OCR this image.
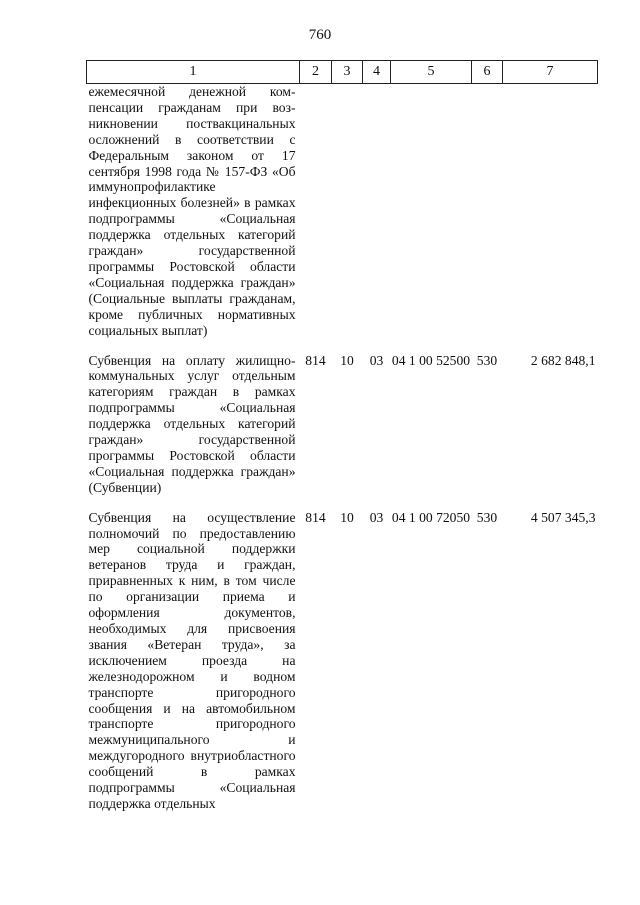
760
1	2	3	4	5	6	7
ежемесячной денежной компенсации гражданам при возникновении поствакцинальных осложнений в соответствии с Федеральным законом от 17 сентября 1998 года № 157-ФЗ «Об иммунопрофилактике инфекционных болезней» в рамках подпрограммы «Социальная поддержка отдельных категорий граждан» государственной программы Ростовской области «Социальная поддержка граждан» (Социальные выплаты гражданам, кроме публичных нормативных социальных выплат)						

Субвенция на оплату жилищно-коммунальных услуг отдельным категориям граждан в рамках подпрограммы «Социальная поддержка отдельных категорий граждан» государственной программы Ростовской области «Социальная поддержка граждан» (Субвенции)	814	10	03	04 1 00 52500	530	2 682 848,1

Субвенция на осуществление полномочий по предоставлению мер социальной поддержки ветеранов труда и граждан, приравненных к ним, в том числе по организации приема и оформления документов, необходимых для присвоения звания «Ветеран труда», за исключением проезда на железнодорожном и водном транспорте пригородного сообщения и на автомобильном транспорте пригородного межмуниципального и междугородного внутриобластного сообщений в рамках подпрограммы «Социальная поддержка отдельных	814	10	03	04 1 00 72050	530	4 507 345,3
